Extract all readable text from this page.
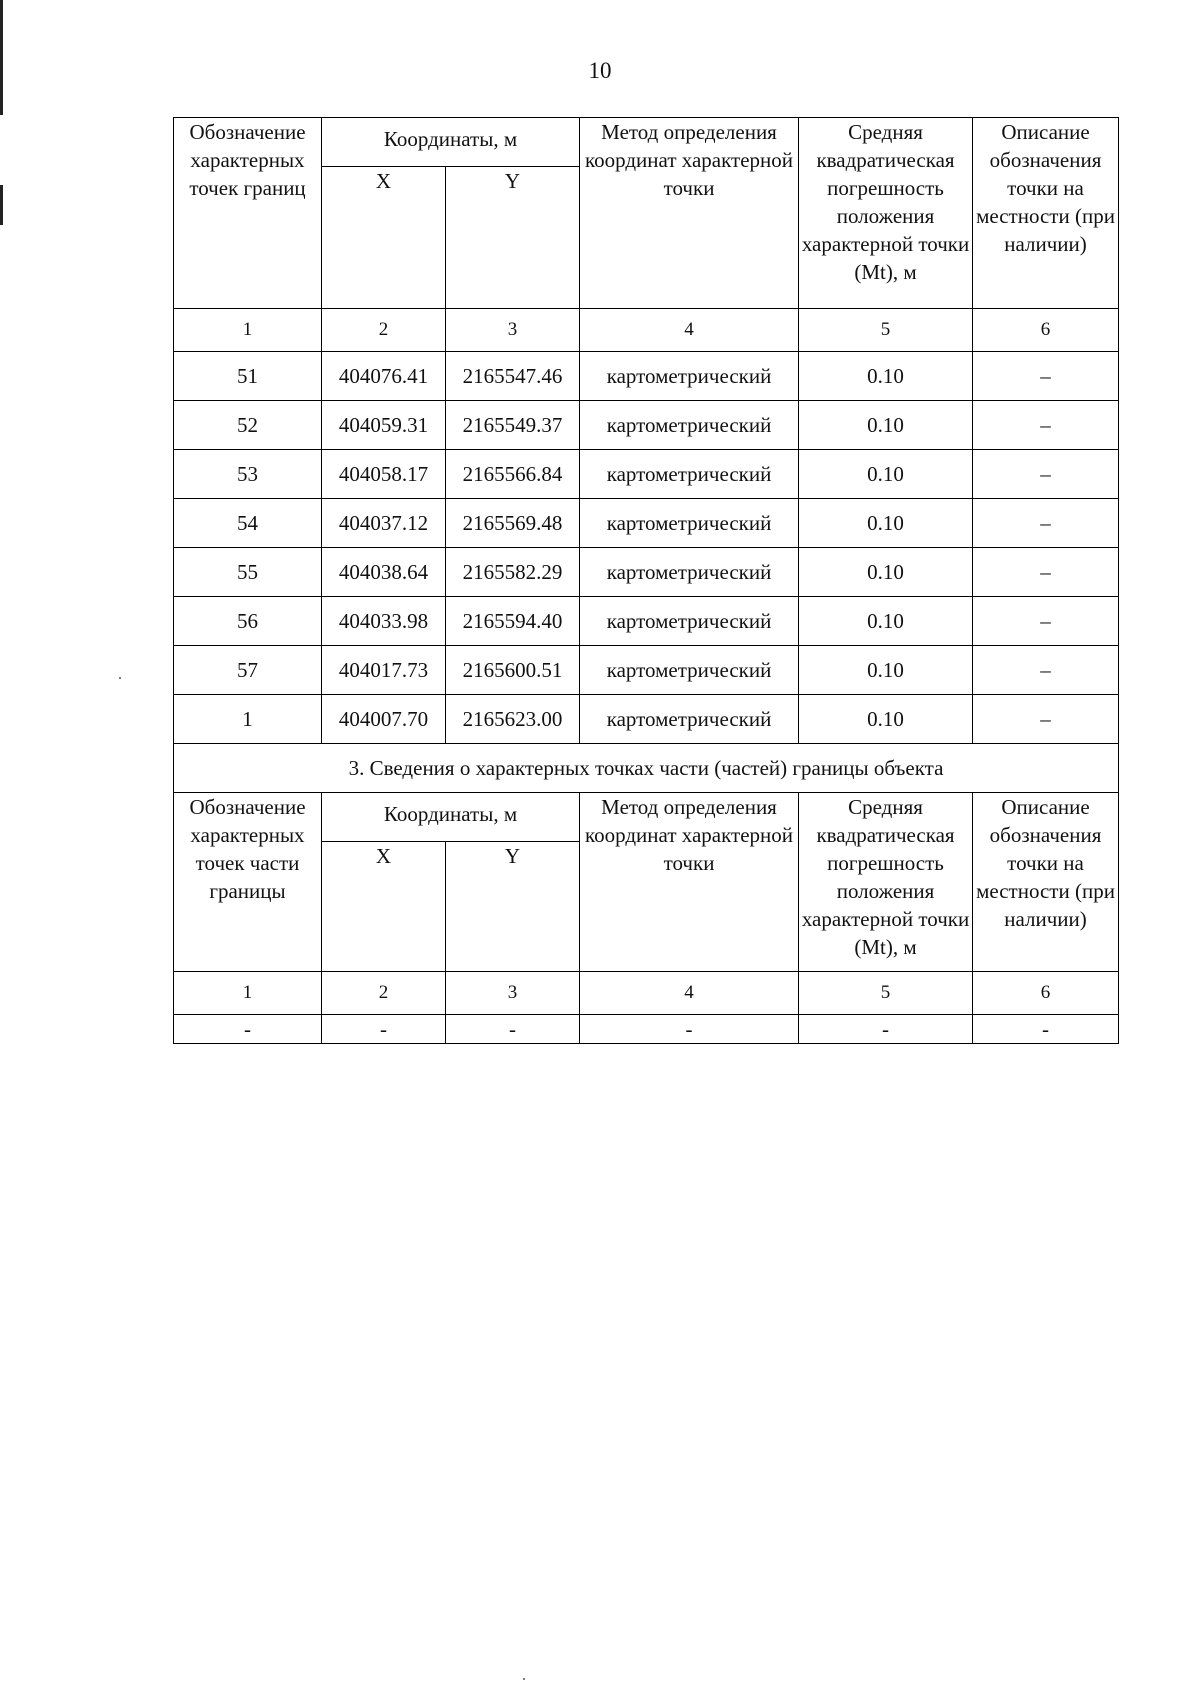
10
Обозначение характерных точек границ	Координаты, м		Метод определения координат характерной точки	Средняя квадратическая погрешность положения характерной точки (Mt), м	Описание обозначения точки на местности (при наличии)
	X	Y			
1	2	3	4	5	6
51	404076.41	2165547.46	картометрический	0.10	–
52	404059.31	2165549.37	картометрический	0.10	–
53	404058.17	2165566.84	картометрический	0.10	–
54	404037.12	2165569.48	картометрический	0.10	–
55	404038.64	2165582.29	картометрический	0.10	–
56	404033.98	2165594.40	картометрический	0.10	–
57	404017.73	2165600.51	картометрический	0.10	–
1	404007.70	2165623.00	картометрический	0.10	–
3. Сведения о характерных точках части (частей) границы объекта					
Обозначение характерных точек части границы	Координаты, м		Метод определения координат характерной точки	Средняя квадратическая погрешность положения характерной точки (Mt), м	Описание обозначения точки на местности (при наличии)
	X	Y			
1	2	3	4	5	6
-	-	-	-	-	-
